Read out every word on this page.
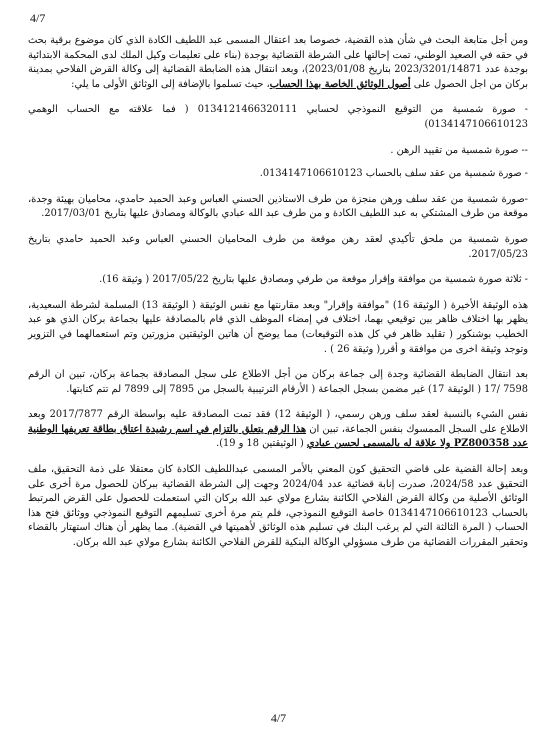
4/7

ومن أجل متابعة البحث في شأن هذه القضية، خصوصا بعد اعتقال المسمى عبد اللطيف الكادة الذي كان موضوع برقية بحث في حقه في الصعيد الوطني، تمت إحالتها على الشرطة القضائية بوجدة (بناء على تعليمات وكيل الملك لدى المحكمة الابتدائية بوجدة عدد 2023/3201/14871 بتاريخ 2023/01/08)، وبعد انتقال هذه الضابطة القضائية إلى وكالة القرض الفلاحي بمدينة بركان من اجل الحصول على أصول الوثائق الخاصة بهذا الحساب، حيث تسلموا بالإضافة إلى الوثائق الأولى ما يلي:

- صورة شمسية من التوقيع النموذجي لحسابي 0134121466320111 ( فما علاقته مع الحساب الوهمي 0134147106610123)

-- صورة شمسية من تقييد الرهن .

- صورة شمسية من عقد سلف بالحساب 0134147106610123.

-صورة شمسية من عقد سلف ورهن منجزة من طرف الاستاذين الحسني العباس وعبد الحميد حامدي، محاميان بهيئة وجدة، موقعة من طرف المشتكي به عبد اللطيف الكادة و من طرف عبد الله عبادي بالوكالة ومصادق عليها بتاريخ 2017/03/01.

صورة شمسية من ملحق تأكيدي لعقد رهن موقعة من طرف المحاميان الحسني العباس وعبد الحميد حامدي بتاريخ 2017/05/23.

- ثلاثة صورة شمسية من موافقة وإقرار موقعة من طرفي ومصادق عليها بتاريخ 2017/05/22 ( وثيقة 16).

هذه الوثيقة الأخيرة ( الوثيقة 16) "موافقة وإقرار" وبعد مقارنتها مع نفس الوثيقة ( الوثيقة 13) المسلمة لشرطة السعيدية، يظهر بها اختلاف ظاهر بين توقيعي بهما، اختلاف في إمضاء الموظف الذي قام بالمصادقة عليها بجماعة بركان الذي هو عبد الخطيب بوشنكور ( تقليد ظاهر في كل هذه التوقيعات) مما يوضح أن هاتين الوثيقتين مزورتين وتم استعمالهما في التزوير وتوجد وثيقة اخرى من موافقة و أقرر( وثيقة 26 ) .

بعد انتقال الضابطة القضائية وجدة إلى جماعة بركان من أجل الاطلاع على سجل المصادقة بجماعة بركان، تبين ان الرقم 7598 /17 ( الوثيقة 17) غير مضمن بسجل الجماعة ( الأرقام الترتيبية بالسجل من 7895 إلى 7899 لم تتم كتابتها.

نفس الشيء بالنسبة لعقد سلف ورهن رسمي، ( الوثيقة 12) فقد تمت المصادقة عليه بواسطة الرقم 2017/7877 وبعد الاطلاع على السجل الممسوك بنفس الجماعة، تبين ان هذا الرقم يتعلق بالتزام في اسم رشيدة اعتاق بطاقة تعريفها الوطنية عدد PZ800358 ولا علاقة له بالمسمى لحسن عبادي ( الوثيقتين 18 و 19).

وبعد إحالة القضية على قاضي التحقيق كون المعني بالأمر المسمى عبداللطيف الكادة كان معتقلا على ذمة التحقيق، ملف التحقيق عدد 2024/58، صدرت إنابة قضائية عدد 2024/04 وجهت إلى الشرطة القضائية ببركان للحصول مرة أخرى على الوثائق الأصلية من وكالة القرض الفلاحي الكائنة بشارع مولاي عبد الله بركان التي استعملت للحصول على القرض المرتبط بالحساب 0134147106610123 خاصة التوقيع النموذجي، فلم يتم مرة أخرى تسليمهم التوقيع النموذجي ووثائق فتح هذا الحساب ( المرة الثالثة التي لم يرغب البنك في تسليم هذه الوثائق لأهميتها في القضية). مما يظهر أن هناك استهتار بالقضاء وتحقير المقررات القضائية من طرف مسؤولي الوكالة البنكية للقرض الفلاحي الكائنة بشارع مولاي عبد الله بركان.

4/7
